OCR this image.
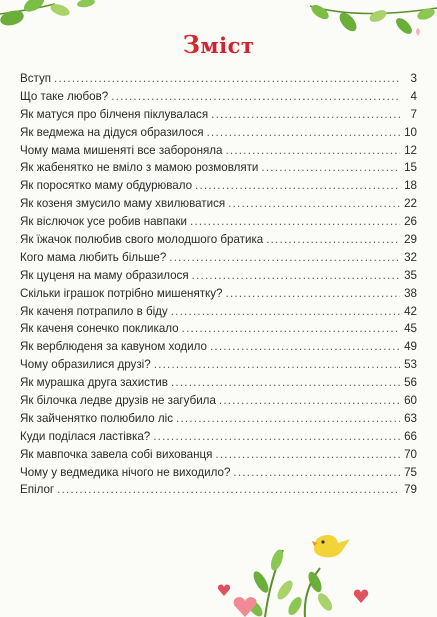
Зміст
Вступ . . .	3
Що таке любов? . . .	4
Як матуся про білченя піклувалася . . .	7
Як ведмежа на дідуся образилося . . .	10
Чому мама мишеняті все забороняла . . .	12
Як жабенятко не вміло з мамою розмовляти . . .	15
Як поросятко маму обдурювало . . .	18
Як козеня змусило маму хвилюватися . . .	22
Як віслючок усе робив навпаки . . .	26
Як їжачок полюбив свого молодшого братика . . .	29
Кого мама любить більше? . . .	32
Як цуценя на маму образилося . . .	35
Скільки іграшок потрібно мишенятку? . . .	38
Як каченя потрапило в біду . . .	42
Як каченя сонечко покликало . . .	45
Як верблюденя за кавуном ходило . . .	49
Чому образилися друзі? . . .	53
Як мурашка друга захистив . . .	56
Як білочка ледве друзів не загубила . . .	60
Як зайченятко полюбило ліс . . .	63
Куди поділася ластівка? . . .	66
Як мавпочка завела собі вихованця . . .	70
Чому у ведмедика нічого не виходило? . . .	75
Епілог . . .	79
